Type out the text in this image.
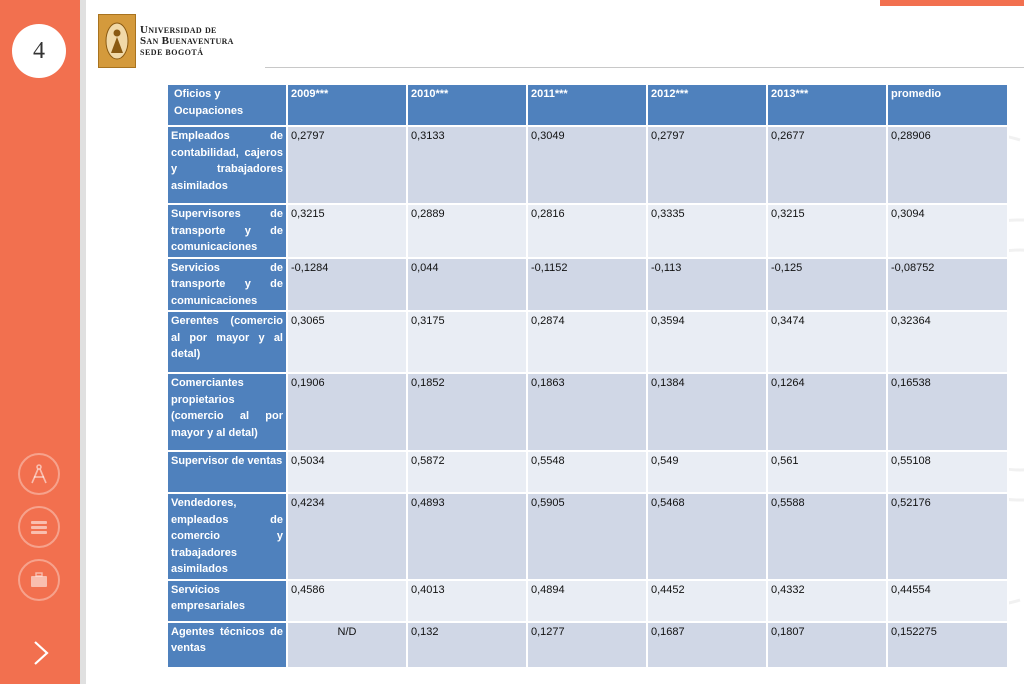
4
Universidad de
San Buenaventura
SEDE BOGOTÁ
Oficios y Ocupaciones	2009***	2010***	2011***	2012***	2013***	promedio
Empleados de contabilidad, cajeros y trabajadores asimilados	0,2797	0,3133	0,3049	0,2797	0,2677	0,28906
Supervisores de transporte y de comunicaciones	0,3215	0,2889	0,2816	0,3335	0,3215	0,3094
Servicios de transporte y de comunicaciones	-0,1284	0,044	-0,1152	-0,113	-0,125	-0,08752
Gerentes (comercio al por mayor y al detal)	0,3065	0,3175	0,2874	0,3594	0,3474	0,32364
Comerciantes propietarios (comercio al por mayor y al detal)	0,1906	0,1852	0,1863	0,1384	0,1264	0,16538
Supervisor de ventas	0,5034	0,5872	0,5548	0,549	0,561	0,55108
Vendedores, empleados de comercio y trabajadores asimilados	0,4234	0,4893	0,5905	0,5468	0,5588	0,52176
Servicios empresariales	0,4586	0,4013	0,4894	0,4452	0,4332	0,44554
Agentes técnicos de ventas	N/D	0,132	0,1277	0,1687	0,1807	0,152275
